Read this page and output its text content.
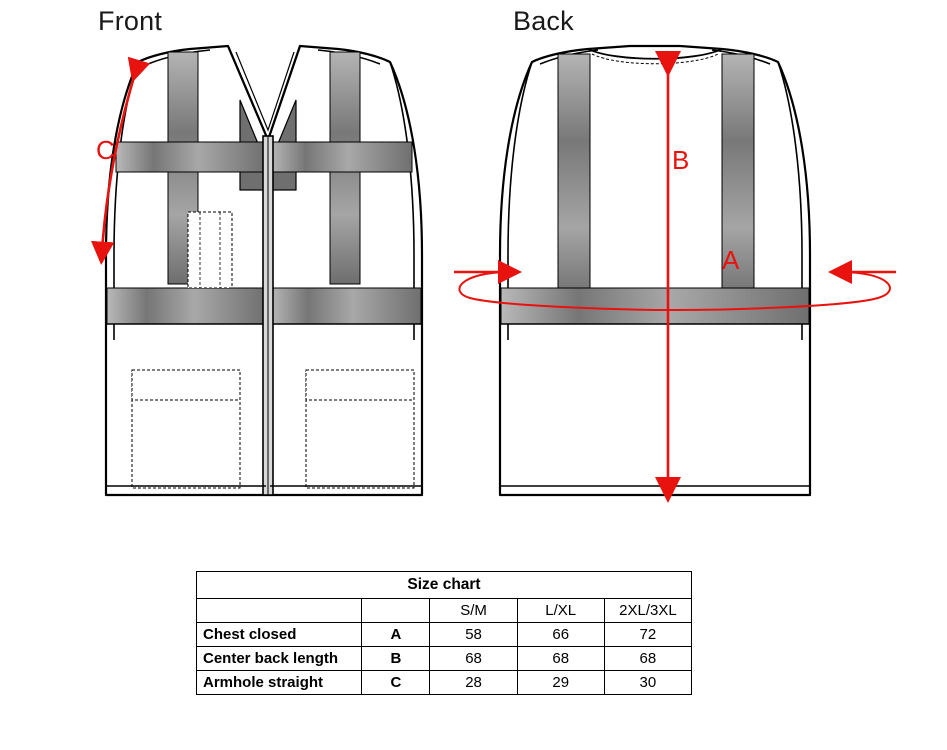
Front	Back
C	B
A
Size chart				
		S/M	L/XL	2XL/3XL
Chest closed	A	58	66	72
Center back length	B	68	68	68
Armhole straight	C	28	29	30
